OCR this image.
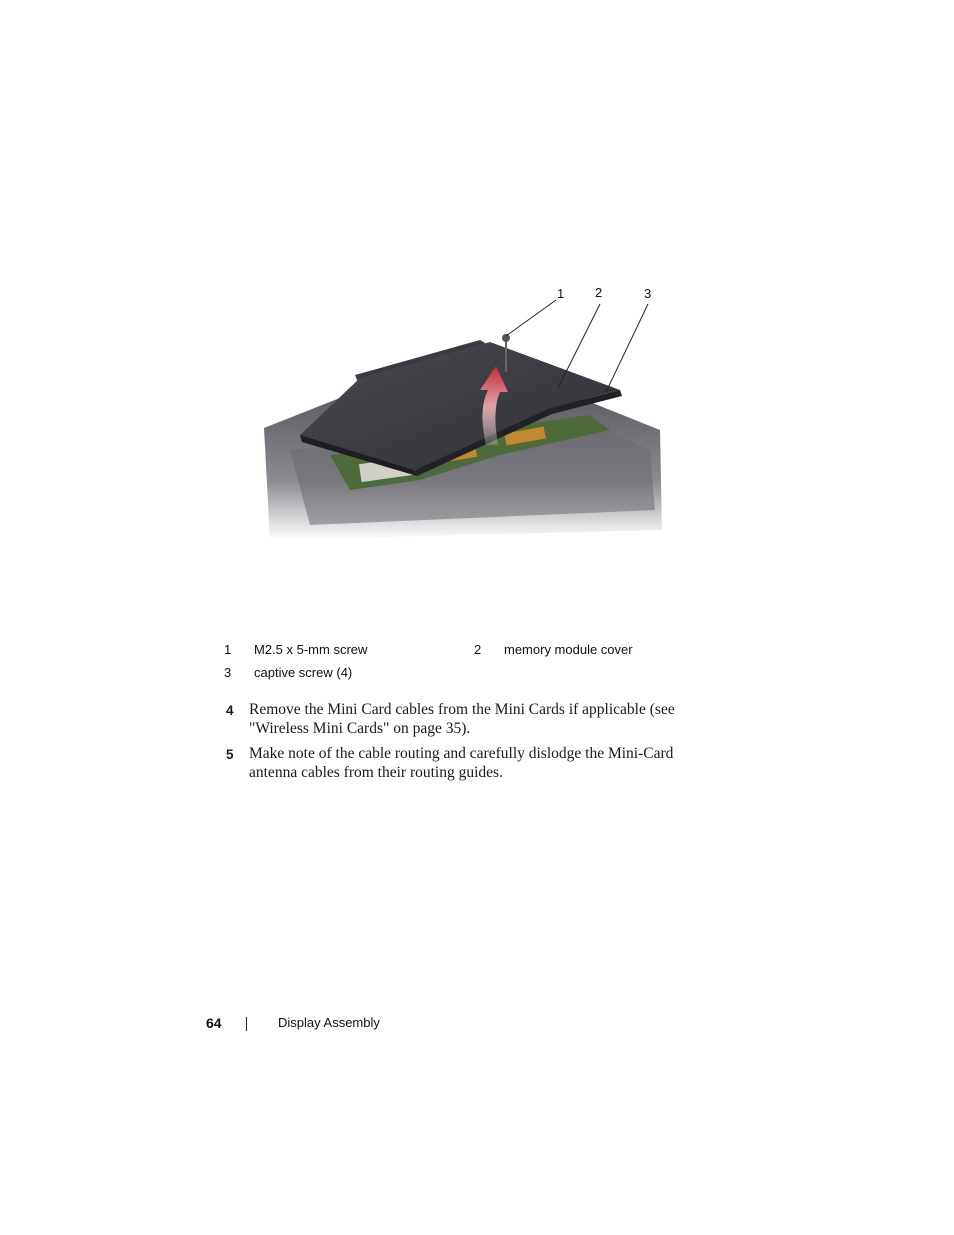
1 2	3
1 M2.5 x 5-mm screw	2 memory module cover
3 captive screw (4)
4 Remove the Mini Card cables from the Mini Cards if applicable (see "Wireless Mini Cards" on page 35).
5 Make note of the cable routing and carefully dislodge the Mini-Card antenna cables from their routing guides.
64	Display Assembly
